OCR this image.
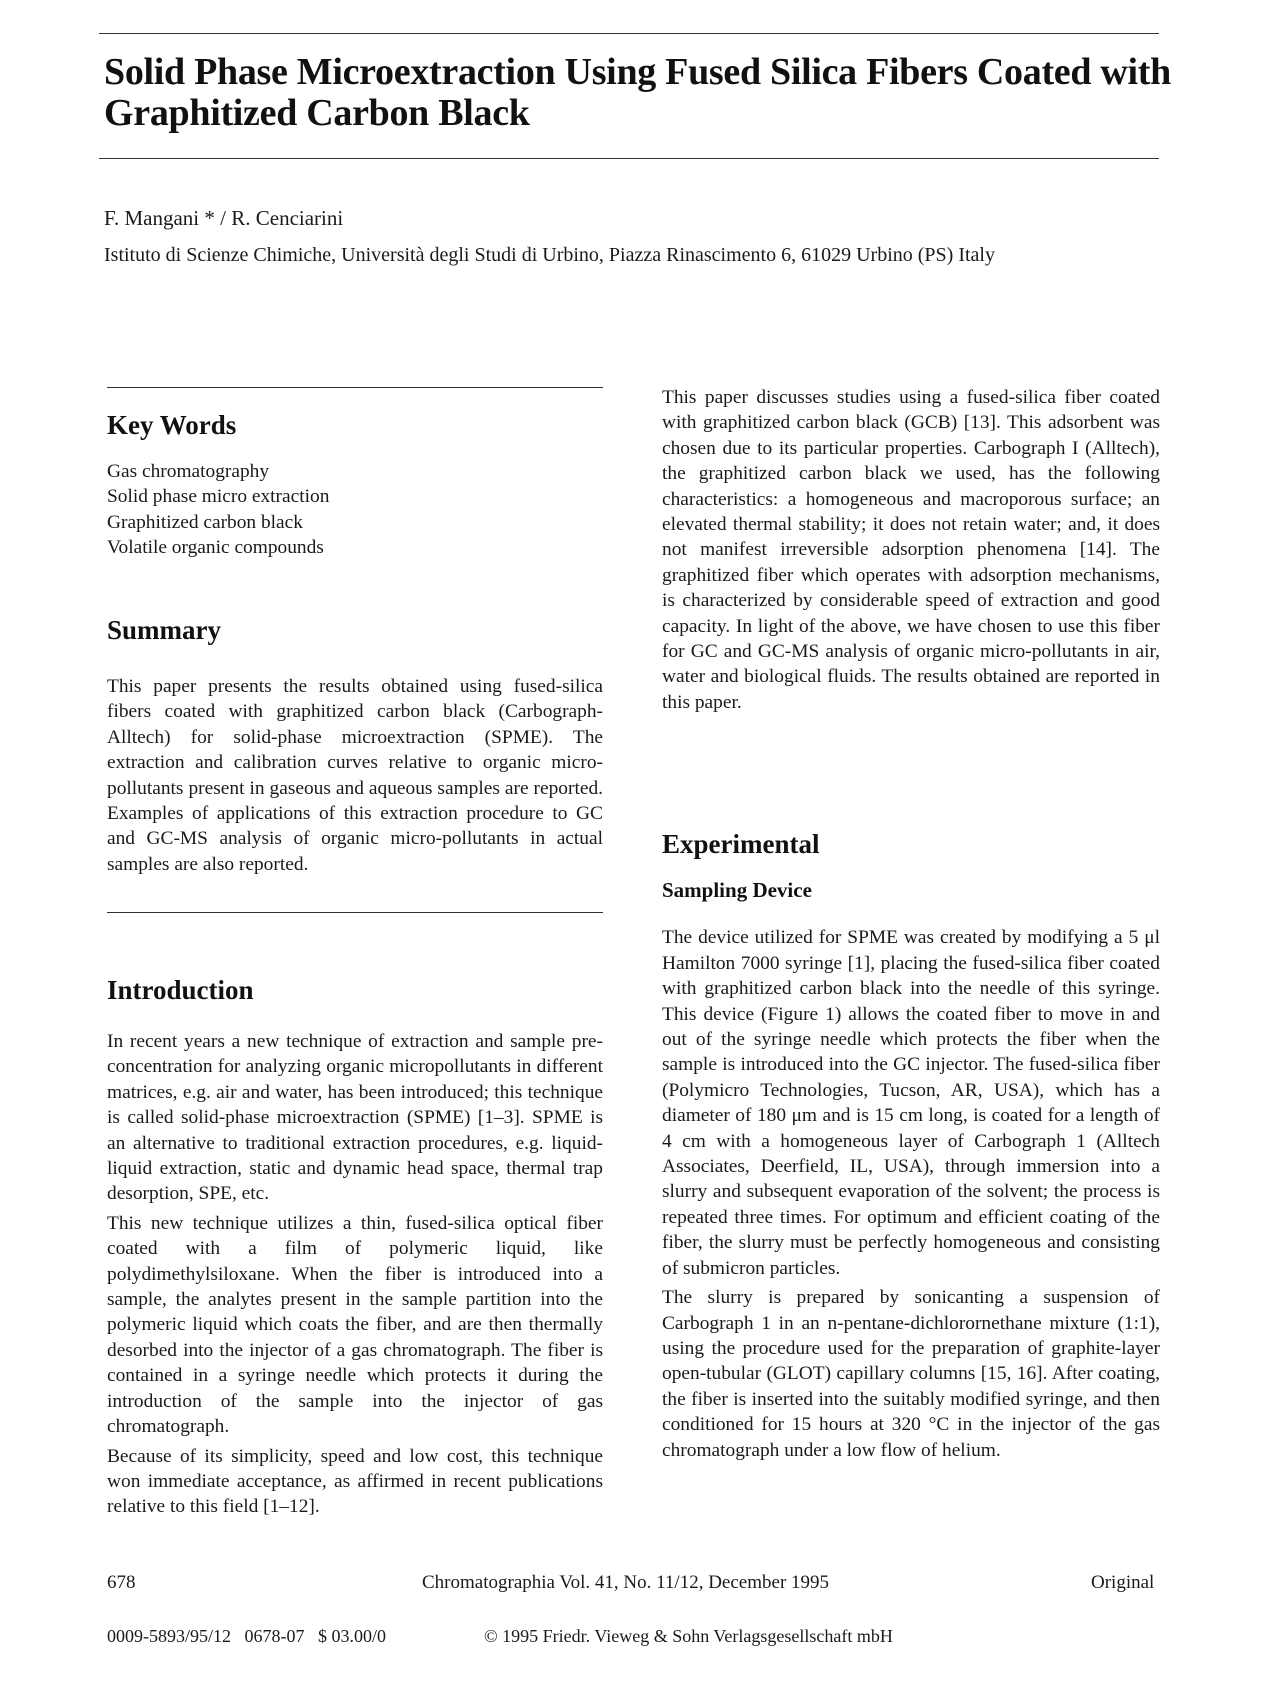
Solid Phase Microextraction Using Fused Silica Fibers Coated with Graphitized Carbon Black

F. Mangani * / R. Cenciarini

Istituto di Scienze Chimiche, Università degli Studi di Urbino, Piazza Rinascimento 6, 61029 Urbino (PS) Italy

Key Words
Gas chromatography
Solid phase micro extraction
Graphitized carbon black
Volatile organic compounds
Summary

This paper presents the results obtained using fused-silica fibers coated with graphitized carbon black (Carbograph-Alltech) for solid-phase microextraction (SPME). The extraction and calibration curves relative to organic micro-pollutants present in gaseous and aqueous samples are reported. Examples of applications of this extraction procedure to GC and GC-MS analysis of organic micro-pollutants in actual samples are also reported.

Introduction

In recent years a new technique of extraction and sample pre-concentration for analyzing organic micropollutants in different matrices, e.g. air and water, has been introduced; this technique is called solid-phase microextraction (SPME) [1–3]. SPME is an alternative to traditional extraction procedures, e.g. liquid-liquid extraction, static and dynamic head space, thermal trap desorption, SPE, etc.

This new technique utilizes a thin, fused-silica optical fiber coated with a film of polymeric liquid, like polydimethylsiloxane. When the fiber is introduced into a sample, the analytes present in the sample partition into the polymeric liquid which coats the fiber, and are then thermally desorbed into the injector of a gas chromatograph. The fiber is contained in a syringe needle which protects it during the introduction of the sample into the injector of gas chromatograph.

Because of its simplicity, speed and low cost, this technique won immediate acceptance, as affirmed in recent publications relative to this field [1–12].

This paper discusses studies using a fused-silica fiber coated with graphitized carbon black (GCB) [13]. This adsorbent was chosen due to its particular properties. Carbograph I (Alltech), the graphitized carbon black we used, has the following characteristics: a homogeneous and macroporous surface; an elevated thermal stability; it does not retain water; and, it does not manifest irreversible adsorption phenomena [14]. The graphitized fiber which operates with adsorption mechanisms, is characterized by considerable speed of extraction and good capacity. In light of the above, we have chosen to use this fiber for GC and GC-MS analysis of organic micro-pollutants in air, water and biological fluids. The results obtained are reported in this paper.

Experimental
Sampling Device

The device utilized for SPME was created by modifying a 5 μl Hamilton 7000 syringe [1], placing the fused-silica fiber coated with graphitized carbon black into the needle of this syringe. This device (Figure 1) allows the coated fiber to move in and out of the syringe needle which protects the fiber when the sample is introduced into the GC injector. The fused-silica fiber (Polymicro Technologies, Tucson, AR, USA), which has a diameter of 180 μm and is 15 cm long, is coated for a length of 4 cm with a homogeneous layer of Carbograph 1 (Alltech Associates, Deerfield, IL, USA), through immersion into a slurry and subsequent evaporation of the solvent; the process is repeated three times. For optimum and efficient coating of the fiber, the slurry must be perfectly homogeneous and consisting of submicron particles.

The slurry is prepared by sonicanting a suspension of Carbograph 1 in an n-pentane-dichlorornethane mixture (1:1), using the procedure used for the preparation of graphite-layer open-tubular (GLOT) capillary columns [15, 16]. After coating, the fiber is inserted into the suitably modified syringe, and then conditioned for 15 hours at 320 °C in the injector of the gas chromatograph under a low flow of helium.

678	Chromatographia Vol. 41, No. 11/12, December 1995	Original
0009-5893/95/12   0678-07   $ 03.00/0	© 1995 Friedr. Vieweg & Sohn Verlagsgesellschaft mbH
